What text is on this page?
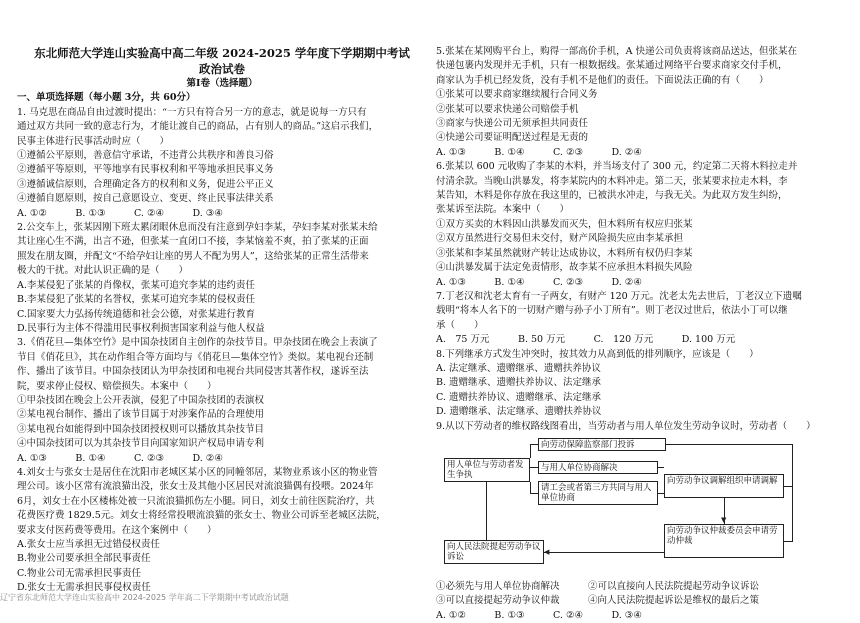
东北师范大学连山实验高中高二年级 2024-2025 学年度下学期期中考试
政治试卷
第Ⅰ卷（选择题）
一、单项选择题（每小题 3分，共 60分）

1. 马克思在商品自由过渡时提出：“一方只有符合另一方的意志，就是说每一方只有

通过双方共同一致的意志行为，才能让渡自己的商品，占有别人的商品。”这启示我们，

民事主体进行民事活动时应（　　）

①遵循公平原则，善意信守承诺，不违背公共秩序和善良习俗

②遵循平等原则，平等地享有民事权利和平等地承担民事义务

③遵循诚信原则，合理确定各方的权利和义务，促进公平正义

④遵循自愿原则，按自己意愿设立、变更、终止民事法律关系

A. ①②　　　B. ①③　　　C. ②④　　　D. ③④

2.公交车上，张某因刚下班太累闭眼休息而没有注意到孕妇李某，孕妇李某对张某未给

其让座心生不满，出言不逊，但张某一直闭口不接，李某恼羞不爽，拍了张某的正面

照发在朋友圈，并配文“不给孕妇让座的男人不配为男人”，这给张某的正常生活带来

极大的干扰。对此认识正确的是（　　）

A.李某侵犯了张某的肖像权，张某可追究李某的违约责任

B.李某侵犯了张某的名誉权，张某可追究李某的侵权责任

C.国家要大力弘扬传统道德和社会公德，对张某进行教育

D.民事行为主体不得滥用民事权利损害国家利益与他人权益

3.《俏花旦—集体空竹》是中国杂技团自主创作的杂技节目。甲杂技团在晚会上表演了

节目《俏花旦》，其在动作组合等方面均与《俏花旦—集体空竹》类似。某电视台还制

作、播出了该节目。中国杂技团认为甲杂技团和电视台共同侵害其著作权，遂诉至法

院，要求停止侵权、赔偿损失。本案中（　　）

①甲杂技团在晚会上公开表演，侵犯了中国杂技团的表演权

②某电视台制作、播出了该节目属于对涉案作品的合理使用

③某电视台如能得到中国杂技团授权则可以播放其杂技节目

④中国杂技团可以为其杂技节目向国家知识产权局申请专利

A. ①③　　　B. ①④　　　C. ②③　　　D. ②④

4.刘女士与张女士是居住在沈阳市老城区某小区的同幢邻居，某物业系该小区的物业管

理公司。该小区常有流浪猫出没，张女士及其他小区居民对流浪猫偶有投喂。2024年

6月，刘女士在小区楼栋处被一只流浪猫抓伤左小腿。同日，刘女士前往医院治疗，共

花费医疗费 1829.5元。刘女士将经常投喂流浪猫的张女士、物业公司诉至老城区法院，

要求支付医药费等费用。在这个案例中（　　）

A.张女士应当承担无过错侵权责任

B.物业公司要承担全部民事责任

C.物业公司无需承担民事责任

D.张女士无需承担民事侵权责任

5.张某在某网购平台上，购得一部高价手机，A 快递公司负责将该商品送达，但张某在

快递包裹内发现并无手机，只有一根数据线。张某通过网络平台要求商家交付手机，

商家认为手机已经发货，没有手机不是他们的责任。下面说法正确的有（　　）

①张某可以要求商家继续履行合同义务

②张某可以要求快递公司赔偿手机

③商家与快递公司无须承担共同责任

④快递公司要证明配送过程是无责的

A. ①③　　　B. ①④　　　C. ②③　　　D. ②④

6.张某以 600 元收购了李某的木料，并当场支付了 300 元，约定第二天将木料拉走并

付清余款。当晚山洪暴发，将李某院内的木料冲走。第二天，张某要求拉走木料，李

某告知，木料是你存放在我这里的，已被洪水冲走，与我无关。为此双方发生纠纷，

张某诉至法院。本案中（　　）

①双方买卖的木料因山洪暴发而灭失，但木料所有权应归张某

②双方虽然进行交易但未交付，财产风险损失应由李某承担

③张某和李某虽然就财产转让达成协议，木料所有权仍归李某

④山洪暴发属于法定免责情形，故李某不应承担木料损失风险

A. ①③　　　B. ①④　　　C. ②③　　　D. ②④

7.丁老汉和沈老太育有一子两女，有财产 120 万元。沈老太先去世后，丁老汉立下遗嘱

载明“将本人名下的一切财产赠与孙子小丁所有”。则丁老汉过世后，依法小丁可以继

承（　　）

A.　75 万元　　　B. 50 万元　　　C.　120 万元　　　D. 100 万元

8.下列继承方式发生冲突时，按其效力从高到低的排列顺序，应该是（　　）

A. 法定继承、遗赠继承、遗赠扶养协议

B. 遗赠继承、遗赠扶养协议、法定继承

C. 遗赠扶养协议、遗赠继承、法定继承

D. 遗赠继承、法定继承、遗赠扶养协议

9.从以下劳动者的维权路线图看出，当劳动者与用人单位发生劳动争议时，劳动者（　　）

向劳动保障监察部门投诉
用人单位与劳动者发生争执
与用人单位协商解决
请工会或者第三方共同与用人单位协商
向劳动争议调解组织申请调解
向劳动争议仲裁委员会申请劳动仲裁
向人民法院提起劳动争议诉讼
▼
◀

①必须先与用人单位协商解决　　　②可以直接向人民法院提起劳动争议诉讼

③可以直接提起劳动争议仲裁　　　④向人民法院提起诉讼是维权的最后之策

A. ①②　　　B. ①③　　　C. ②④　　　D. ③④

辽宁省东北师范大学连山实验高中 2024-2025 学年高二下学期期中考试政治试题
